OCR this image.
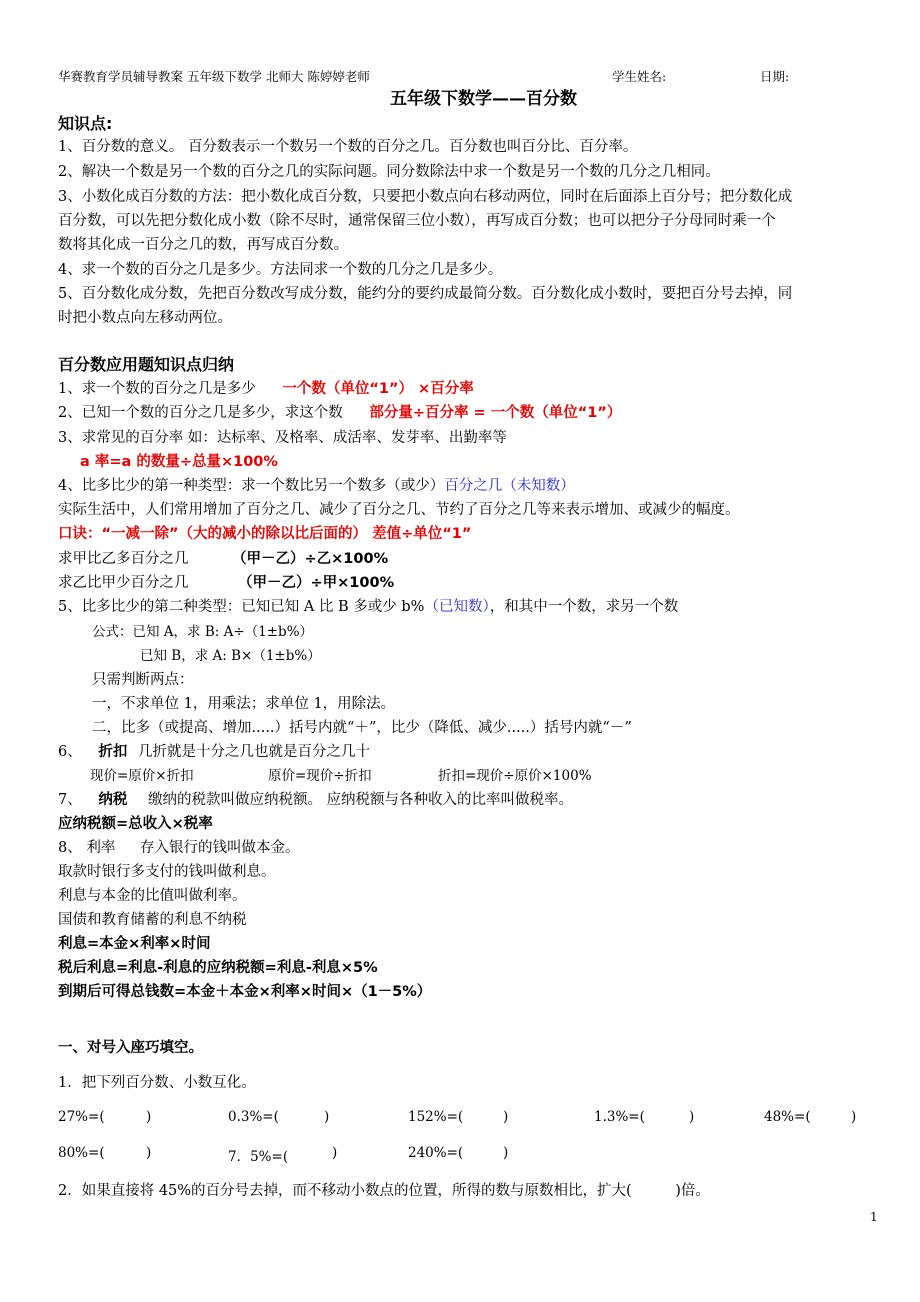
华赛教育学员辅导教案 五年级下数学 北师大 陈婷婷老师	学生姓名:	日期:
五年级下数学——百分数
知识点:
1、百分数的意义。 百分数表示一个数另一个数的百分之几。百分数也叫百分比、百分率。
2、解决一个数是另一个数的百分之几的实际问题。同分数除法中求一个数是另一个数的几分之几相同。
3、小数化成百分数的方法：把小数化成百分数，只要把小数点向右移动两位，同时在后面添上百分号；把分数化成
百分数，可以先把分数化成小数（除不尽时，通常保留三位小数），再写成百分数；也可以把分子分母同时乘一个
数将其化成一百分之几的数，再写成百分数。
4、求一个数的百分之几是多少。方法同求一个数的几分之几是多少。
5、百分数化成分数，先把百分数改写成分数，能约分的要约成最简分数。百分数化成小数时，要把百分号去掉，同
时把小数点向左移动两位。
百分数应用题知识点归纳
1、求一个数的百分之几是多少 一个数（单位“1”） ×百分率
2、已知一个数的百分之几是多少，求这个数 部分量÷百分率 = 一个数（单位“1”）
3、求常见的百分率 如：达标率、及格率、成活率、发芽率、出勤率等
a 率=a 的数量÷总量×100%
4、比多比少的第一种类型：求一个数比另一个数多（或少）百分之几（未知数）
实际生活中，人们常用增加了百分之几、减少了百分之几、节约了百分之几等来表示增加、或减少的幅度。
口诀：“一减一除”（大的减小的除以比后面的） 差值÷单位“1”
求甲比乙多百分之几	（甲－乙）÷乙×100%
求乙比甲少百分之几	（甲－乙）÷甲×100%
5、比多比少的第二种类型：已知已知 A 比 B 多或少 b%（已知数），和其中一个数，求另一个数
公式：已知 A，求 B: A÷（1±b%）
已知 B，求 A: B×（1±b%）
只需判断两点：
一，不求单位 1，用乘法；求单位 1，用除法。
二，比多（或提高、增加.....）括号内就“＋”，比少（降低、减少.....）括号内就“－”
6、 折扣 几折就是十分之几也就是百分之几十
现价=原价×折扣	原价=现价÷折扣	折扣=现价÷原价×100%
7、 纳税 缴纳的税款叫做应纳税额。 应纳税额与各种收入的比率叫做税率。
应纳税额=总收入×税率
8、 利率 存入银行的钱叫做本金。
取款时银行多支付的钱叫做利息。
利息与本金的比值叫做利率。
国债和教育储蓄的利息不纳税
利息=本金×利率×时间
税后利息=利息-利息的应纳税额=利息-利息×5%
到期后可得总钱数=本金＋本金×利率×时间×（1－5%）
一、对号入座巧填空。
1．把下列百分数、小数互化。
27%=(	)	0.3%=(	)	152%=(	)	1.3%=(	)	48%=(	)
80%=(	)	7．5%=(	)	240%=(	)
2．如果直接将 45%的百分号去掉，而不移动小数点的位置，所得的数与原数相比，扩大(　　　)倍。
1
